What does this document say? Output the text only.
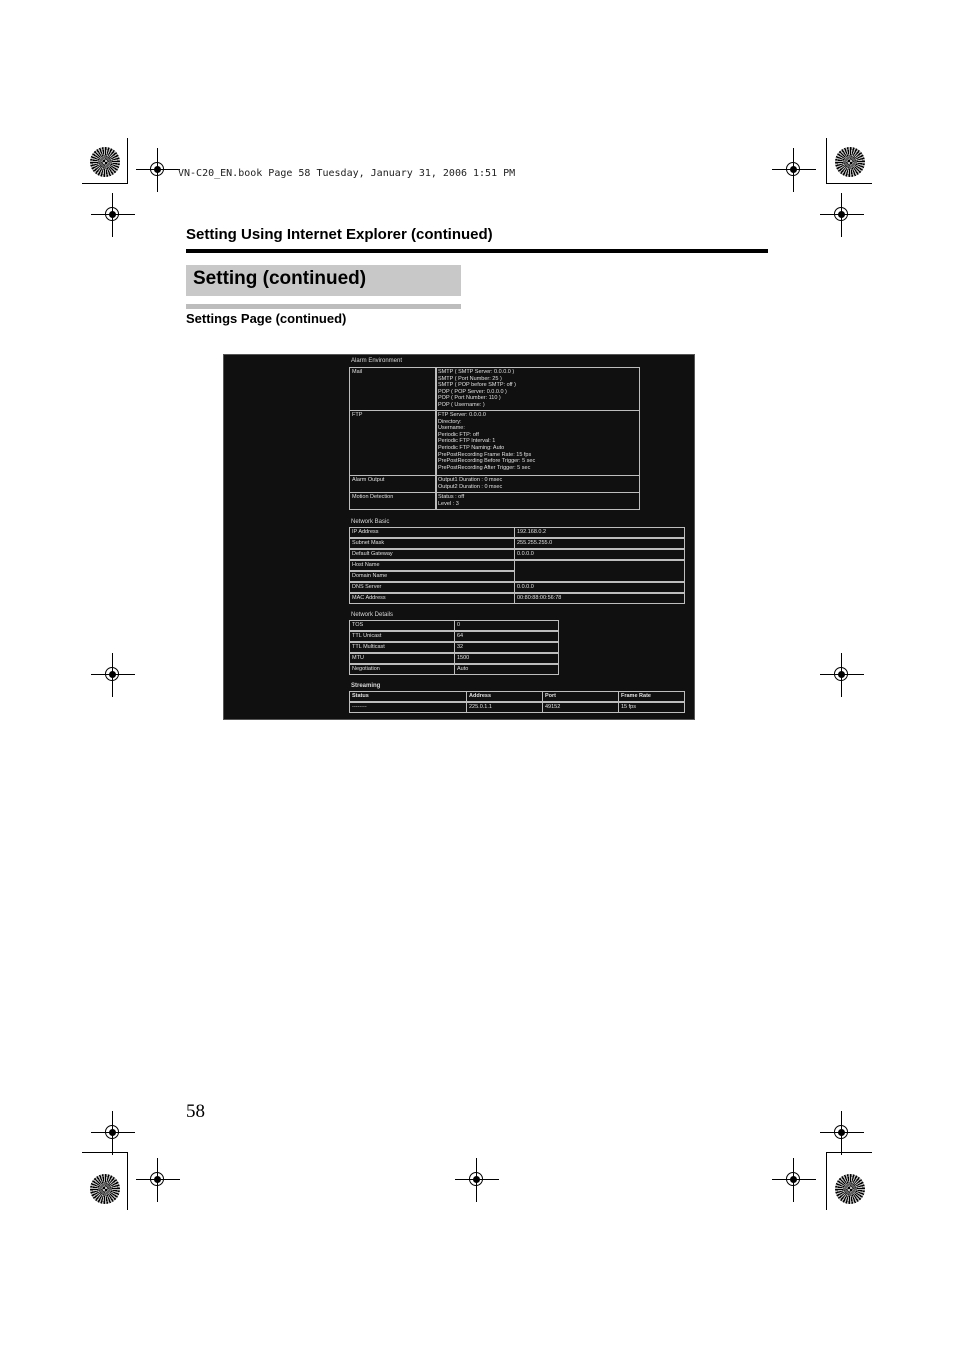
VN-C20_EN.book Page 58 Tuesday, January 31, 2006 1:51 PM
Setting Using Internet Explorer (continued)
Setting (continued)
Settings Page (continued)
Alarm Environment
Mail	SMTP ( SMTP Server: 0.0.0.0 )
SMTP ( Port Number: 25 )
SMTP ( POP before SMTP: off )
POP ( POP Server: 0.0.0.0 )
POP ( Port Number: 110 )
POP ( Username: )
FTP	FTP Server: 0.0.0.0
Directory:
Username:
Periodic FTP: off
Periodic FTP Interval: 1
Periodic FTP Naming: Auto
PrePostRecording Frame Rate: 15 fps
PrePostRecording Before Trigger: 5 sec
PrePostRecording After Trigger: 5 sec
Alarm Output	Output1 Duration : 0 msec
Output2 Duration : 0 msec
Motion Detection	Status : off
Level : 3
Network Basic
IP Address	192.168.0.2
Subnet Mask	255.255.255.0
Default Gateway	0.0.0.0
Host Name
Domain Name
DNS Server	0.0.0.0
MAC Address	00:80:88:00:56:78
Network Details
TOS	0
TTL Unicast	64
TTL Multicast	32
MTU	1500
Negotiation	Auto
Streaming
Status	Address	Port	Frame Rate
--------	225.0.1.1	49152	15 fps
58
